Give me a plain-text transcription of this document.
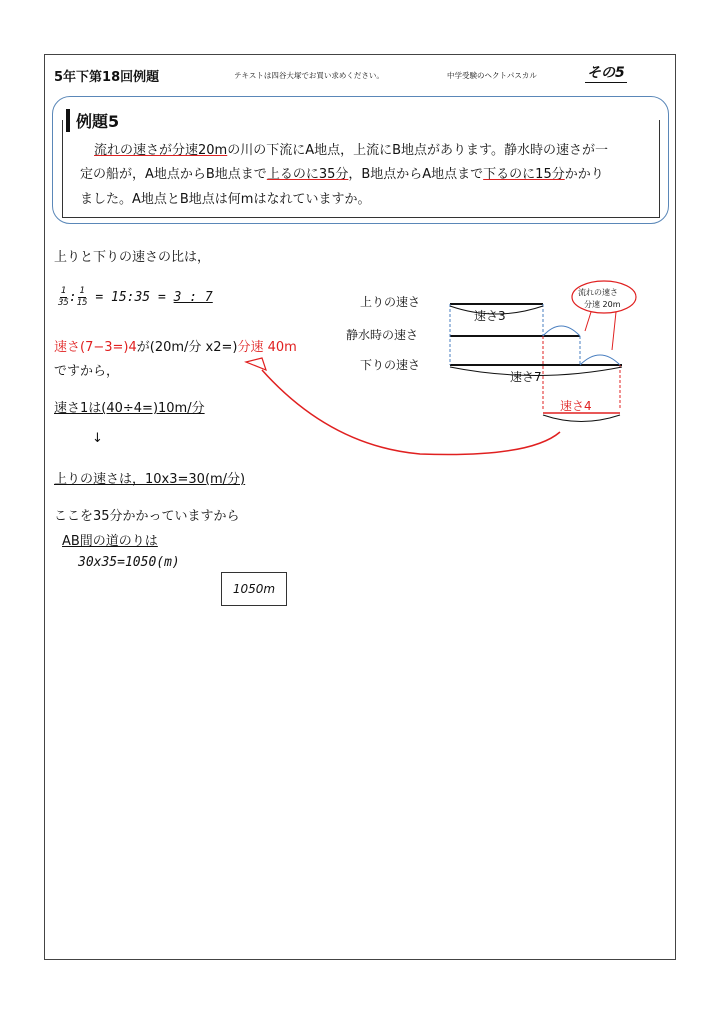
5年下第18回例題	テキストは四谷大塚でお買い求めください。	中学受験のヘクトパスカル	その5
例題5
流れの速さが分速20mの川の下流にA地点，上流にB地点があります。静水時の速さが一
定の船が，A地点からB地点まで上るのに35分，B地点からA地点まで下るのに15分かかり
ました。A地点とB地点は何mはなれていますか。
上りと下りの速さの比は，
$\frac{1}{35}$ : $\frac{1}{15}$ = 15:35 = 3 : 7
速さ(7−3=)4が(20m/分 x2=)分速 40m
ですから，
速さ1は(40÷4=)10m/分
↓
上りの速さは，10x3=30(m/分)
ここを35分かかっていますから
AB間の道のりは
30x35=1050(m)
1050m
上りの速さ
静水時の速さ
下りの速さ
速さ3
速さ7
速さ4
流れの速さ
分速 20m
